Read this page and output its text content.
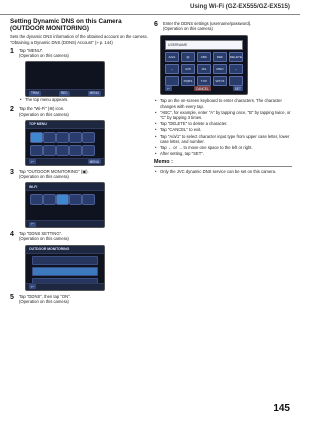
Using Wi-Fi (GZ-EX555/GZ-EX515)
Setting Dynamic DNS on this Camera (OUTDOOR MONITORING)
Sets the dynamic DNS information of the obtained account on the camera. "Obtaining a Dynamic DNS (DDNS) Account" (» p. 144)
1	Tap "MENU".
(Operation on this camera)
TRIM	REC	MENU
• The top menu appears.
2	Tap the "Wi-Fi" (☰) icon.
(Operation on this camera)
TOP MENU
↩	MENU
3	Tap "OUTDOOR MONITORING" (▣).
(Operation on this camera)
Wi-Fi
↩
4	Tap "DDNS SETTING".
(Operation on this camera)
OUTDOOR MONITORING
↩
5	Tap "DDNS", then tap "ON".
(Operation on this camera)
6	Enter the DDNS settings (username/password).
(Operation on this camera)
USERNAME
A/a/1	@	ABC	DEF	DELETE
←	GHI	JKL	MNO	→
PQRS	TUV	WXYZ
↩	CANCEL	SET
• Tap on the on-screen keyboard to enter characters. The character changes with every tap.
• "ABC", for example, enter "A" by tapping once, "B" by tapping twice, or "C" by tapping 3 times.
• Tap "DELETE" to delete a character.
• Tap "CANCEL" to exit.
• Tap "A/a/1" to select character input type from upper case letter, lower case letter, and number.
• Tap ← or → to move one space to the left or right.
• After setting, tap "SET".
Memo :
• Only the JVC dynamic DNS service can be set on this camera.
145
